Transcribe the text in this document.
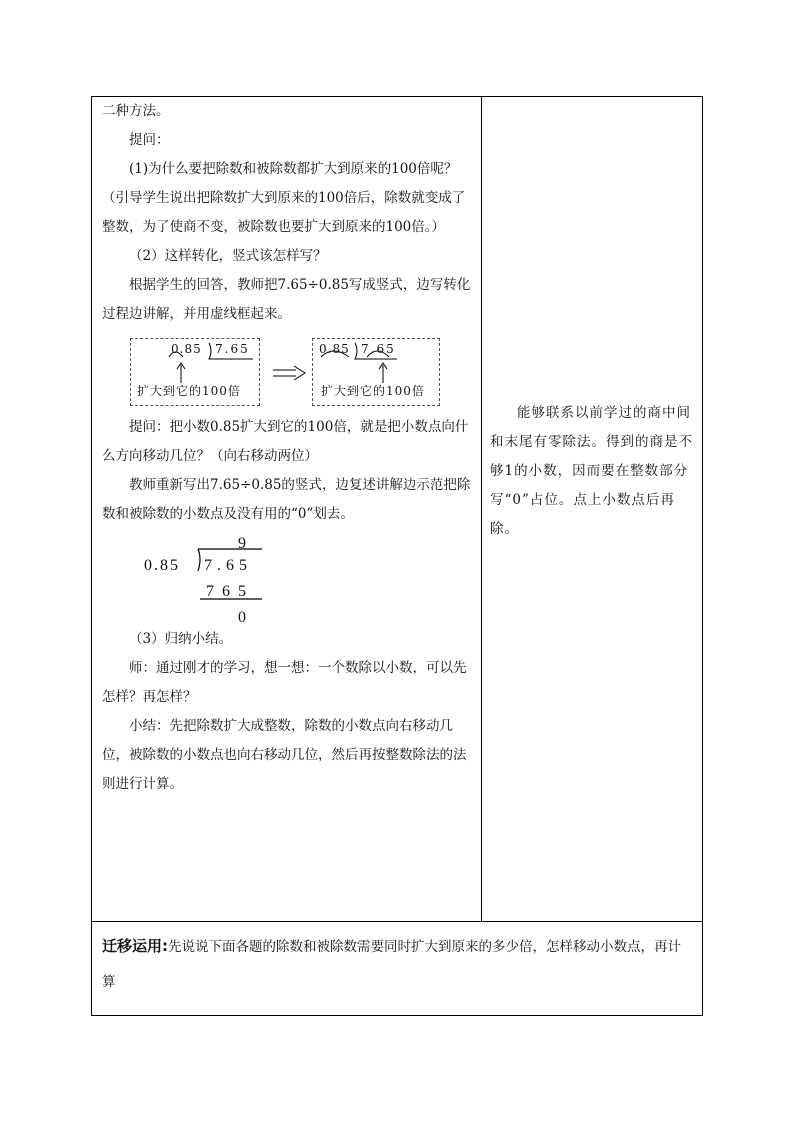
二种方法。

提问：

(1)为什么要把除数和被除数都扩大到原来的100倍呢？（引导学生说出把除数扩大到原来的100倍后，除数就变成了整数，为了使商不变，被除数也要扩大到原来的100倍。）

（2）这样转化，竖式该怎样写？

根据学生的回答，教师把7.65÷0.85写成竖式，边写转化过程边讲解，并用虚线框起来。

0.85 7.65
扩大到它的100倍
0.85 7.65
扩大到它的100倍

提问：把小数0.85扩大到它的100倍，就是把小数点向什么方向移动几位？（向右移动两位）

教师重新写出7.65÷0.85的竖式，边复述讲解边示范把除数和被除数的小数点及没有用的“0”划去。

9
0.85 7.65
765
0

（3）归纳小结。

师：通过刚才的学习，想一想：一个数除以小数，可以先怎样？再怎样？

小结：先把除数扩大成整数，除数的小数点向右移动几位，被除数的小数点也向右移动几位，然后再按整数除法的法则进行计算。

能够联系以前学过的商中间和末尾有零除法。得到的商是不够1的小数，因而要在整数部分写“0”占位。点上小数点后再除。
迁移运用:先说说下面各题的除数和被除数需要同时扩大到原来的多少倍，怎样移动小数点，再计算
